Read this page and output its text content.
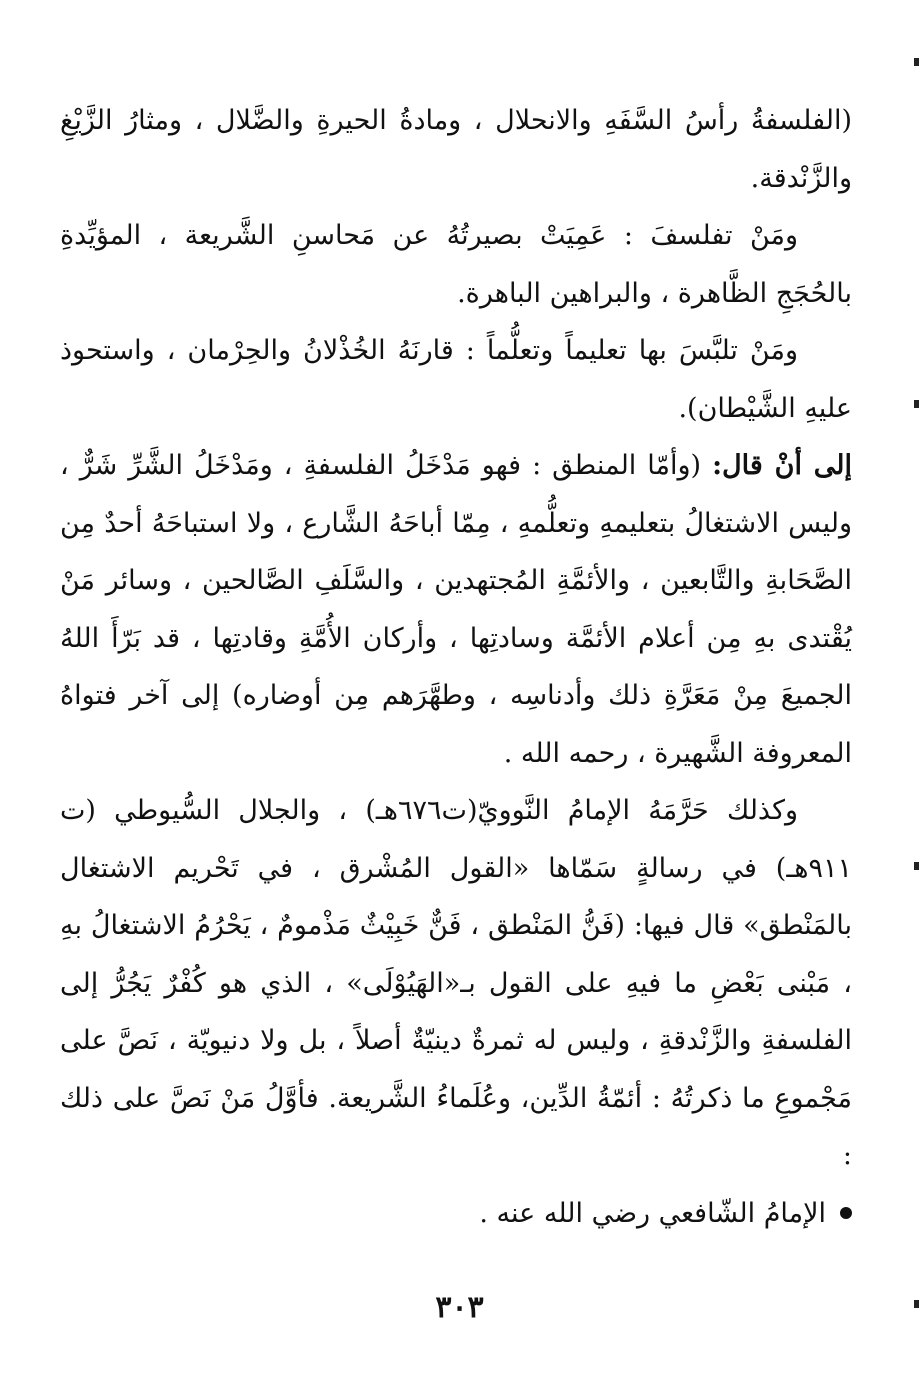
(الفلسفةُ رأسُ السَّفَهِ والانحلال ، ومادةُ الحيرةِ والضَّلال ، ومثارُ الزَّيْغِ والزَّنْدقة.

ومَنْ تفلسفَ : عَمِيَتْ بصيرتُهُ عن مَحاسنِ الشَّريعة ، المؤيِّدةِ بالحُجَجِ الظَّاهرة ، والبراهين الباهرة.

ومَنْ تلبَّسَ بها تعليماً وتعلُّماً : قارنَهُ الخُذْلانُ والحِرْمان ، واستحوذ عليهِ الشَّيْطان).

إلى أنْ قال: (وأمّا المنطق : فهو مَدْخَلُ الفلسفةِ ، ومَدْخَلُ الشَّرِّ شَرٌّ ، وليس الاشتغالُ بتعليمهِ وتعلُّمهِ ، مِمّا أباحَهُ الشَّارع ، ولا استباحَهُ أحدٌ مِن الصَّحَابةِ والتَّابعين ، والأئمَّةِ المُجتهدين ، والسَّلَفِ الصَّالحين ، وسائر مَنْ يُقْتدى بهِ مِن أعلام الأئمَّة وسادتِها ، وأركان الأُمَّةِ وقادتِها ، قد بَرّأَ اللهُ الجميعَ مِنْ مَعَرَّةِ ذلك وأدناسِه ، وطهَّرَهم مِن أوضاره) إلى آخر فتواهُ المعروفة الشَّهيرة ، رحمه الله .

وكذلك حَرَّمَهُ الإمامُ النَّوويّ(ت٦٧٦هـ) ، والجلال السُّيوطي (ت ٩١١هـ) في رسالةٍ سَمّاها «القول المُشْرق ، في تَحْريم الاشتغال بالمَنْطق» قال فيها: (فَنُّ المَنْطق ، فَنٌّ خَبِيْثٌ مَذْمومٌ ، يَحْرُمُ الاشتغالُ بهِ ، مَبْنى بَعْضِ ما فيهِ على القول بـ«الهَيُوْلَى» ، الذي هو كُفْرٌ يَجُرُّ إلى الفلسفةِ والزَّنْدقةِ ، وليس له ثمرةٌ دينيّةٌ أصلاً ، بل ولا دنيويّة ، نَصَّ على مَجْموعِ ما ذكرتُهُ : أئمّةُ الدِّين، وعُلَماءُ الشَّريعة. فأوَّلُ مَنْ نَصَّ على ذلك :

الإمامُ الشّافعي رضي الله عنه .
٣٠٣
